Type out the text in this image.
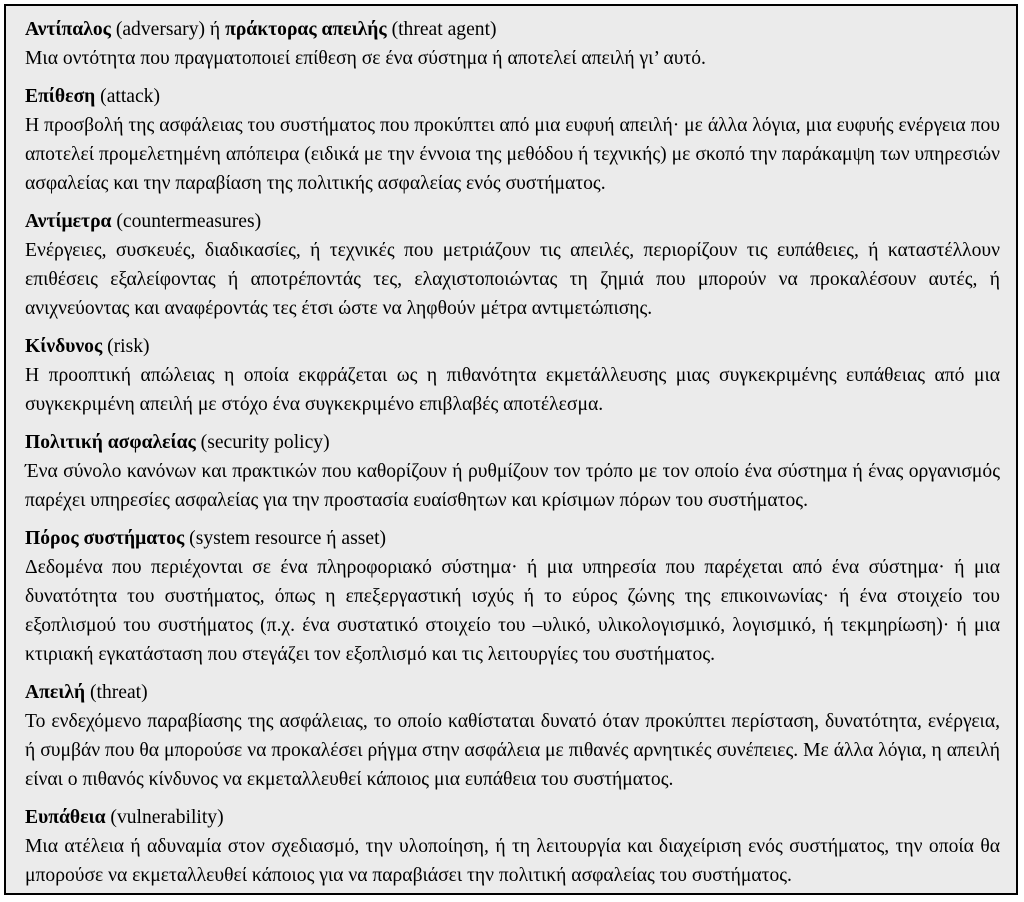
Αντίπαλος (adversary) ή πράκτορας απειλής (threat agent)
Μια οντότητα που πραγματοποιεί επίθεση σε ένα σύστημα ή αποτελεί απειλή γι’ αυτό.
Επίθεση (attack)
Η προσβολή της ασφάλειας του συστήματος που προκύπτει από μια ευφυή απειλή· με άλλα λόγια, μια ευφυής ενέργεια που αποτελεί προμελετημένη απόπειρα (ειδικά με την έννοια της μεθόδου ή τεχνικής) με σκοπό την παράκαμψη των υπηρεσιών ασφαλείας και την παραβίαση της πολιτικής ασφαλείας ενός συστήματος.
Αντίμετρα (countermeasures)
Ενέργειες, συσκευές, διαδικασίες, ή τεχνικές που μετριάζουν τις απειλές, περιορίζουν τις ευπάθειες, ή καταστέλλουν επιθέσεις εξαλείφοντας ή αποτρέποντάς τες, ελαχιστοποιώντας τη ζημιά που μπορούν να προκαλέσουν αυτές, ή ανιχνεύοντας και αναφέροντάς τες έτσι ώστε να ληφθούν μέτρα αντιμετώπισης.
Κίνδυνος (risk)
Η προοπτική απώλειας η οποία εκφράζεται ως η πιθανότητα εκμετάλλευσης μιας συγκεκριμένης ευπάθειας από μια συγκεκριμένη απειλή με στόχο ένα συγκεκριμένο επιβλαβές αποτέλεσμα.
Πολιτική ασφαλείας (security policy)
Ένα σύνολο κανόνων και πρακτικών που καθορίζουν ή ρυθμίζουν τον τρόπο με τον οποίο ένα σύστημα ή ένας οργανισμός παρέχει υπηρεσίες ασφαλείας για την προστασία ευαίσθητων και κρίσιμων πόρων του συστήματος.
Πόρος συστήματος (system resource ή asset)
Δεδομένα που περιέχονται σε ένα πληροφοριακό σύστημα· ή μια υπηρεσία που παρέχεται από ένα σύστημα· ή μια δυνατότητα του συστήματος, όπως η επεξεργαστική ισχύς ή το εύρος ζώνης της επικοινωνίας· ή ένα στοιχείο του εξοπλισμού του συστήματος (π.χ. ένα συστατικό στοιχείο του –υλικό, υλικολογισμικό, λογισμικό, ή τεκμηρίωση)· ή μια κτιριακή εγκατάσταση που στεγάζει τον εξοπλισμό και τις λειτουργίες του συστήματος.
Απειλή (threat)
Το ενδεχόμενο παραβίασης της ασφάλειας, το οποίο καθίσταται δυνατό όταν προκύπτει περίσταση, δυνατότητα, ενέργεια, ή συμβάν που θα μπορούσε να προκαλέσει ρήγμα στην ασφάλεια με πιθανές αρνητικές συνέπειες. Με άλλα λόγια, η απειλή είναι ο πιθανός κίνδυνος να εκμεταλλευθεί κάποιος μια ευπάθεια του συστήματος.
Ευπάθεια (vulnerability)
Μια ατέλεια ή αδυναμία στον σχεδιασμό, την υλοποίηση, ή τη λειτουργία και διαχείριση ενός συστήματος, την οποία θα μπορούσε να εκμεταλλευθεί κάποιος για να παραβιάσει την πολιτική ασφαλείας του συστήματος.
